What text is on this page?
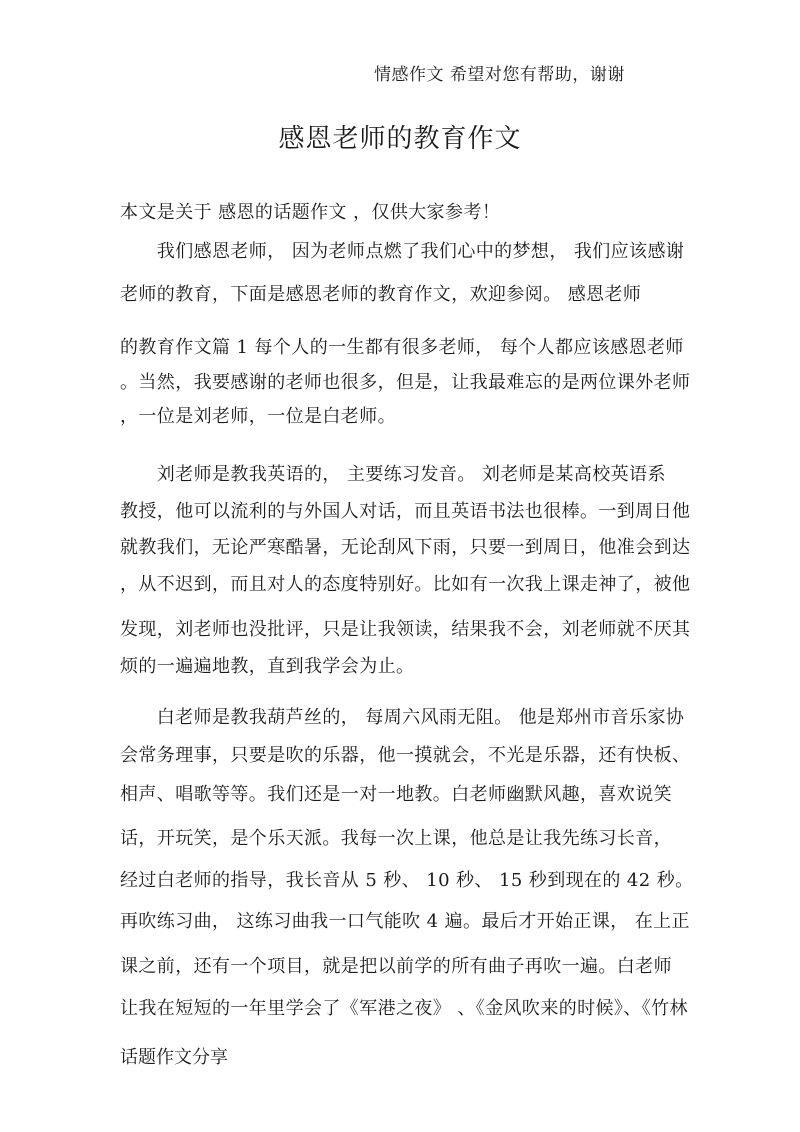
情感作文 希望对您有帮助，谢谢
感恩老师的教育作文
本文是关于 感恩的话题作文 ，仅供大家参考！
　　我们感恩老师， 因为老师点燃了我们心中的梦想， 我们应该感谢
老师的教育，下面是感恩老师的教育作文，欢迎参阅。 感恩老师
的教育作文篇 1 每个人的一生都有很多老师， 每个人都应该感恩老师
。当然，我要感谢的老师也很多，但是，让我最难忘的是两位课外老师
，一位是刘老师，一位是白老师。
　　刘老师是教我英语的， 主要练习发音。 刘老师是某高校英语系
教授，他可以流利的与外国人对话，而且英语书法也很棒。一到周日他
就教我们，无论严寒酷暑，无论刮风下雨，只要一到周日，他准会到达
，从不迟到，而且对人的态度特别好。比如有一次我上课走神了，被他
发现，刘老师也没批评，只是让我领读，结果我不会，刘老师就不厌其
烦的一遍遍地教，直到我学会为止。
　　白老师是教我葫芦丝的， 每周六风雨无阻。 他是郑州市音乐家协
会常务理事，只要是吹的乐器，他一摸就会，不光是乐器，还有快板、
相声、唱歌等等。我们还是一对一地教。白老师幽默风趣，喜欢说笑
话，开玩笑，是个乐天派。我每一次上课，他总是让我先练习长音，
经过白老师的指导，我长音从 5 秒、 10 秒、 15 秒到现在的 42 秒。
再吹练习曲， 这练习曲我一口气能吹 4 遍。最后才开始正课， 在上正
课之前，还有一个项目，就是把以前学的所有曲子再吹一遍。白老师
让我在短短的一年里学会了《军港之夜》 、《金风吹来的时候》、《竹林
话题作文分享
